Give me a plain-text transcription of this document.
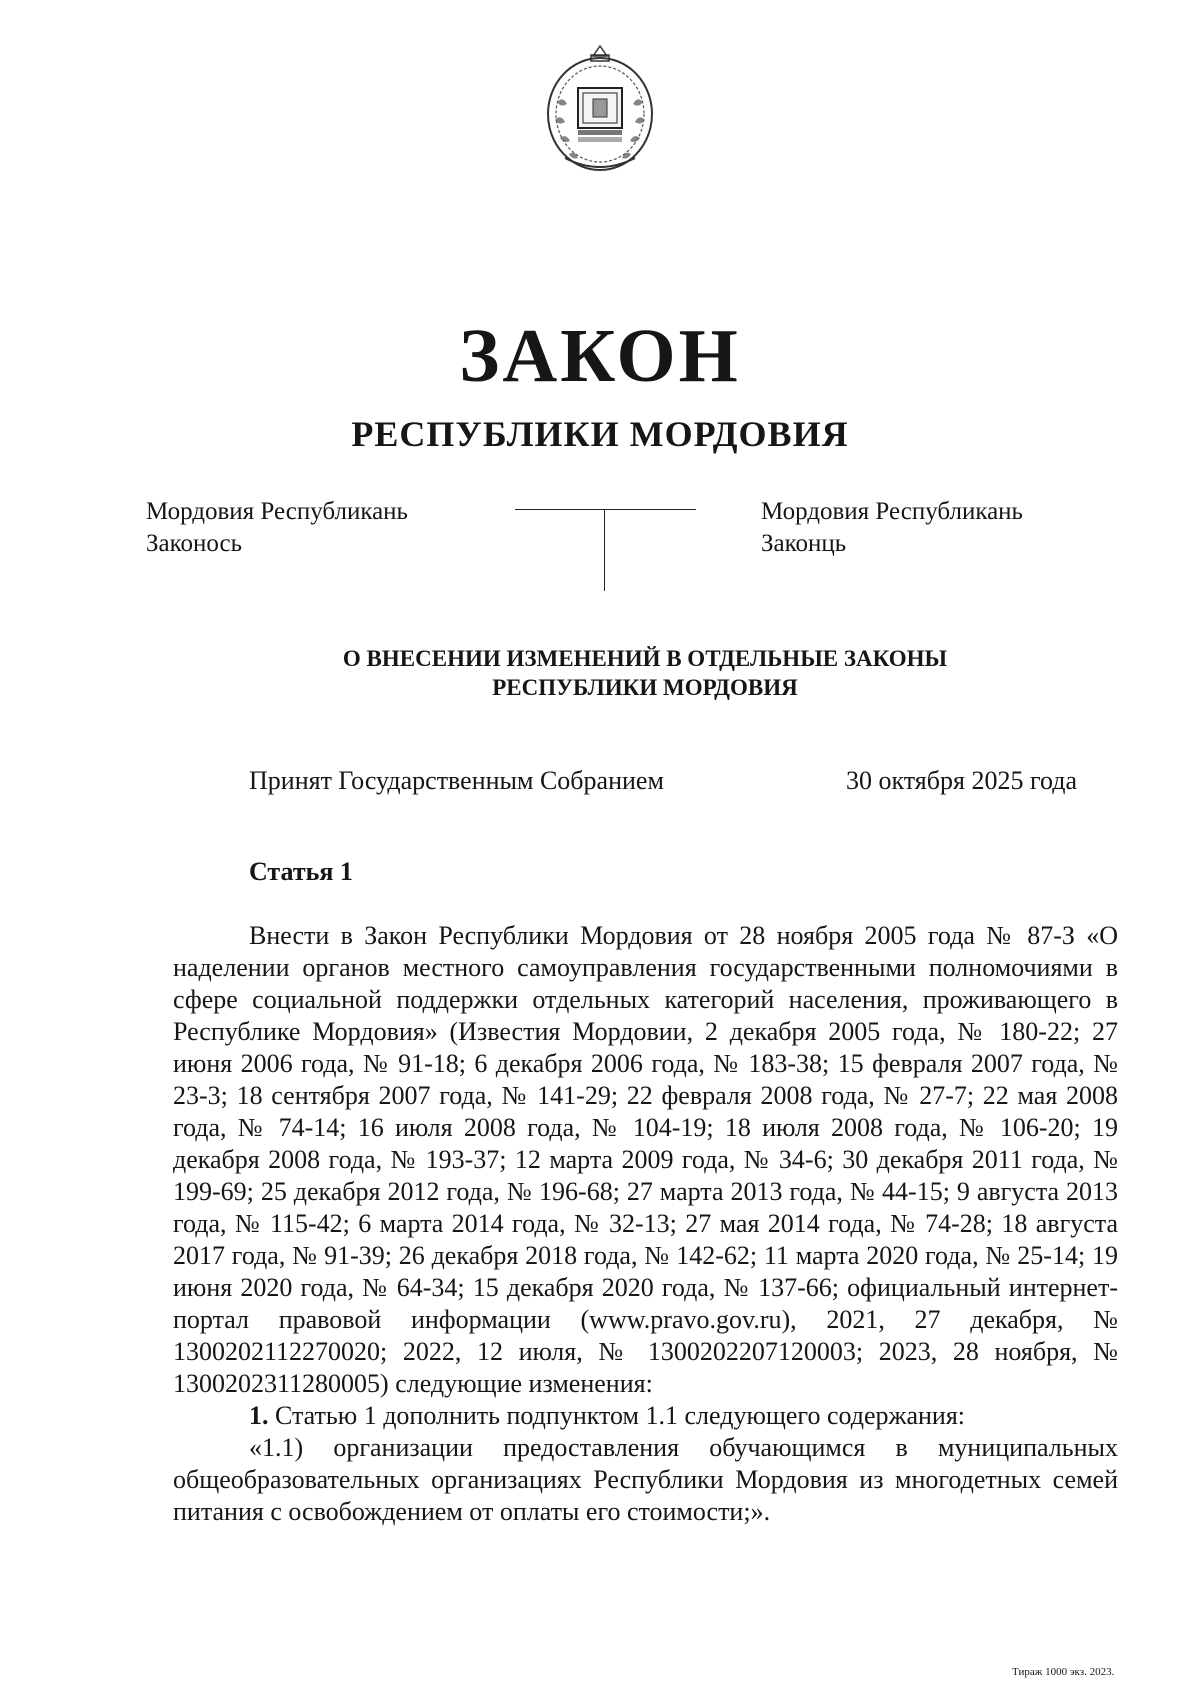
ЗАКОН
РЕСПУБЛИКИ МОРДОВИЯ
Мордовия Республикань
Законось
Мордовия Республикань
Законць
О ВНЕСЕНИИ ИЗМЕНЕНИЙ В ОТДЕЛЬНЫЕ ЗАКОНЫ
РЕСПУБЛИКИ МОРДОВИЯ
Принят Государственным Собранием	30 октября 2025 года
Статья 1

Внести в Закон Республики Мордовия от 28 ноября 2005 года № 87-З «О наделении органов местного самоуправления государственными полномочиями в сфере социальной поддержки отдельных категорий населения, проживающего в Республике Мордовия» (Известия Мордовии, 2 декабря 2005 года, № 180-22; 27 июня 2006 года, № 91-18; 6 декабря 2006 года, № 183-38; 15 февраля 2007 года, № 23-3; 18 сентября 2007 года, № 141-29; 22 февраля 2008 года, № 27-7; 22 мая 2008 года, № 74-14; 16 июля 2008 года, № 104-19; 18 июля 2008 года, № 106-20; 19 декабря 2008 года, № 193-37; 12 марта 2009 года, № 34-6; 30 декабря 2011 года, № 199-69; 25 декабря 2012 года, № 196-68; 27 марта 2013 года, № 44-15; 9 августа 2013 года, № 115-42; 6 марта 2014 года, № 32-13; 27 мая 2014 года, № 74-28; 18 августа 2017 года, № 91-39; 26 декабря 2018 года, № 142-62; 11 марта 2020 года, № 25-14; 19 июня 2020 года, № 64-34; 15 декабря 2020 года, № 137-66; официальный интернет-портал правовой информации (www.pravo.gov.ru), 2021, 27 декабря, № 1300202112270020; 2022, 12 июля, № 1300202207120003; 2023, 28 ноября, № 1300202311280005) следующие изменения:

1. Статью 1 дополнить подпунктом 1.1 следующего содержания:

«1.1) организации предоставления обучающимся в муниципальных общеобразовательных организациях Республики Мордовия из многодетных семей питания с освобождением от оплаты его стоимости;».

Тираж 1000 экз. 2023.
